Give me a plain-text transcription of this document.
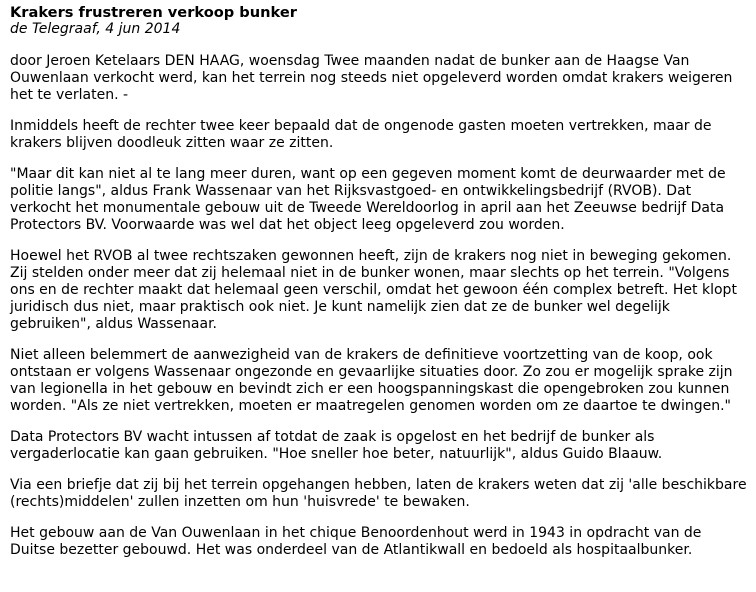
Krakers frustreren verkoop bunker
de Telegraaf, 4 jun 2014

door Jeroen Ketelaars DEN HAAG, woensdag Twee maanden nadat de bunker aan de Haagse Van Ouwenlaan verkocht werd, kan het terrein nog steeds niet opgeleverd worden omdat krakers weigeren het te verlaten. -

Inmiddels heeft de rechter twee keer bepaald dat de ongenode gasten moeten vertrekken, maar de krakers blijven doodleuk zitten waar ze zitten.

"Maar dit kan niet al te lang meer duren, want op een gegeven moment komt de deurwaarder met de politie langs", aldus Frank Wassenaar van het Rijksvastgoed- en ontwikkelingsbedrijf (RVOB). Dat verkocht het monumentale gebouw uit de Tweede Wereldoorlog in april aan het Zeeuwse bedrijf Data Protectors BV. Voorwaarde was wel dat het object leeg opgeleverd zou worden.

Hoewel het RVOB al twee rechtszaken gewonnen heeft, zijn de krakers nog niet in beweging gekomen. Zij stelden onder meer dat zij helemaal niet in de bunker wonen, maar slechts op het terrein. "Volgens ons en de rechter maakt dat helemaal geen verschil, omdat het gewoon één complex betreft. Het klopt juridisch dus niet, maar praktisch ook niet. Je kunt namelijk zien dat ze de bunker wel degelijk gebruiken", aldus Wassenaar.

Niet alleen belemmert de aanwezigheid van de krakers de definitieve voortzetting van de koop, ook ontstaan er volgens Wassenaar ongezonde en gevaarlijke situaties door. Zo zou er mogelijk sprake zijn van legionella in het gebouw en bevindt zich er een hoogspanningskast die opengebroken zou kunnen worden. "Als ze niet vertrekken, moeten er maatregelen genomen worden om ze daartoe te dwingen."

Data Protectors BV wacht intussen af totdat de zaak is opgelost en het bedrijf de bunker als vergaderlocatie kan gaan gebruiken. "Hoe sneller hoe beter, natuurlijk", aldus Guido Blaauw.

Via een briefje dat zij bij het terrein opgehangen hebben, laten de krakers weten dat zij 'alle beschikbare (rechts)middelen' zullen inzetten om hun 'huisvrede' te bewaken.

Het gebouw aan de Van Ouwenlaan in het chique Benoordenhout werd in 1943 in opdracht van de Duitse bezetter gebouwd. Het was onderdeel van de Atlantikwall en bedoeld als hospitaalbunker.
